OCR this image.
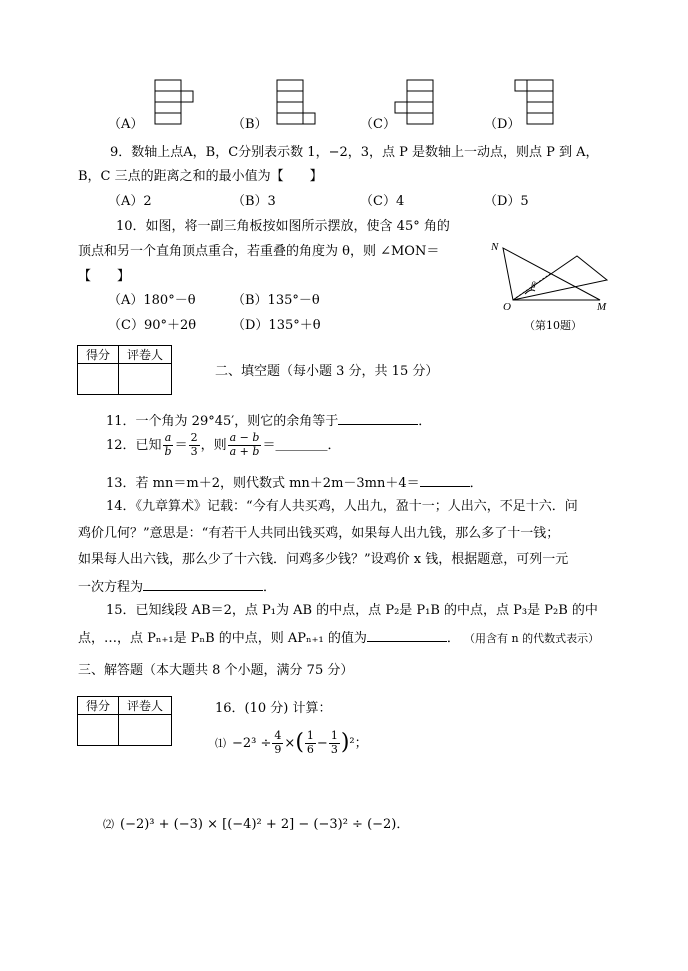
（A）	（B）	（C）	（D）
9．数轴上点A，B，C分别表示数 1，−2，3，点 P 是数轴上一动点，则点 P 到 A，
B，C 三点的距离之和的最小值为【　　】
（A）2	（B）3	（C）4	（D）5
10．如图，将一副三角板按如图所示摆放，使含 45° 角的
顶点和另一个直角顶点重合，若重叠的角度为 θ，则 ∠MON＝
【　　】
（A）180°－θ	（B）135°－θ
（C）90°＋2θ	（D）135°＋θ
N
O	M
β
（第10题）
得分	评卷人

二、填空题（每小题 3 分，共 15 分）
11．一个角为 29°45′，则它的余角等于	．
12．已知 $\frac{a}{b} = \frac{2}{3}$ ，则 $\frac{a - b}{a + b}$ ＝＿＿＿＿．
13．若 mn＝m＋2，则代数式 mn＋2m－3mn＋4＝	．
14．《九章算术》记载：“今有人共买鸡，人出九，盈十一；人出六，不足十六．问
鸡价几何？”意思是：“有若干人共同出钱买鸡，如果每人出九钱，那么多了十一钱；
如果每人出六钱，那么少了十六钱．问鸡多少钱？”设鸡价 x 钱，根据题意，可列一元
一次方程为	．
15．已知线段 AB＝2，点 P₁为 AB 的中点，点 P₂是 P₁B 的中点，点 P₃是 P₂B 的中
点，…，点 Pₙ₊₁是 PₙB 的中点，则 APₙ₊₁ 的值为	． （用含有 n 的代数式表示）
三、解答题（本大题共 8 个小题，满分 75 分）
得分	评卷人
		16．(10 分) 计算：
⑴ $-2^3 \div \frac{4}{9}$ × ( $\frac{1}{6} - \frac{1}{3}$ ) ²；
⑵ (−2)³ + (−3) × [(−4)² + 2] − (−3)² ÷ (−2)．
